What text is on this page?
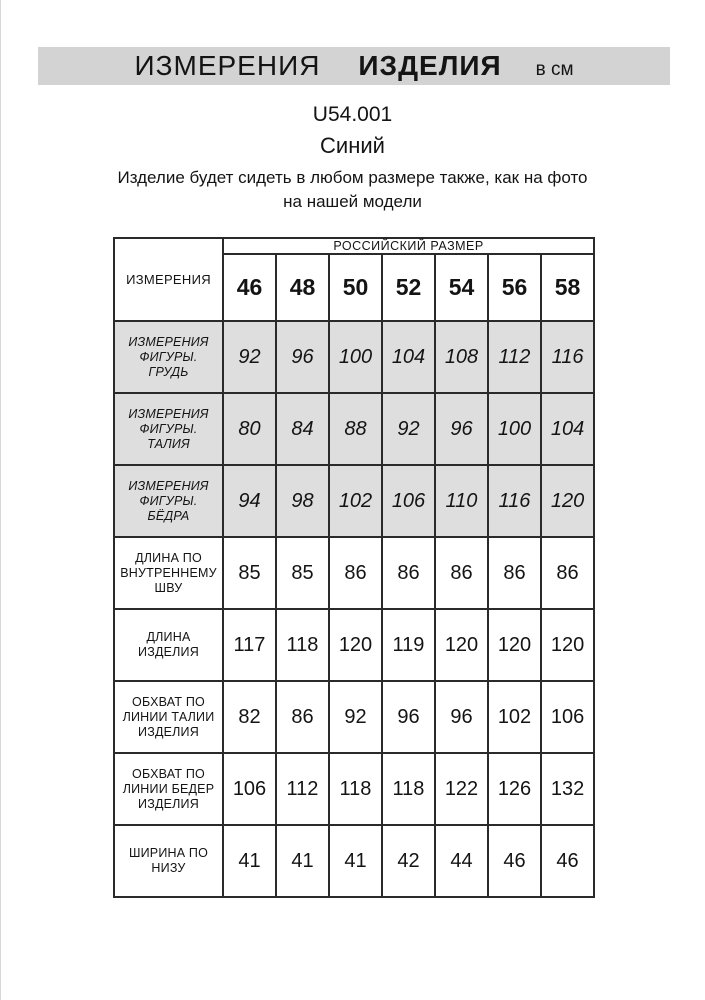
ИЗМЕРЕНИЯ ИЗДЕЛИЯ в см
U54.001
Синий
Изделие будет сидеть в любом размере также, как на фото на нашей модели
ИЗМЕРЕНИЯ	РОССИЙСКИЙ РАЗМЕР						
	46	48	50	52	54	56	58
ИЗМЕРЕНИЯ ФИГУРЫ. ГРУДЬ	92	96	100	104	108	112	116
ИЗМЕРЕНИЯ ФИГУРЫ. ТАЛИЯ	80	84	88	92	96	100	104
ИЗМЕРЕНИЯ ФИГУРЫ. БЁДРА	94	98	102	106	110	116	120
ДЛИНА ПО ВНУТРЕННЕМУ ШВУ	85	85	86	86	86	86	86
ДЛИНА ИЗДЕЛИЯ	117	118	120	119	120	120	120
ОБХВАТ ПО ЛИНИИ ТАЛИИ ИЗДЕЛИЯ	82	86	92	96	96	102	106
ОБХВАТ ПО ЛИНИИ БЕДЕР ИЗДЕЛИЯ	106	112	118	118	122	126	132
ШИРИНА ПО НИЗУ	41	41	41	42	44	46	46
